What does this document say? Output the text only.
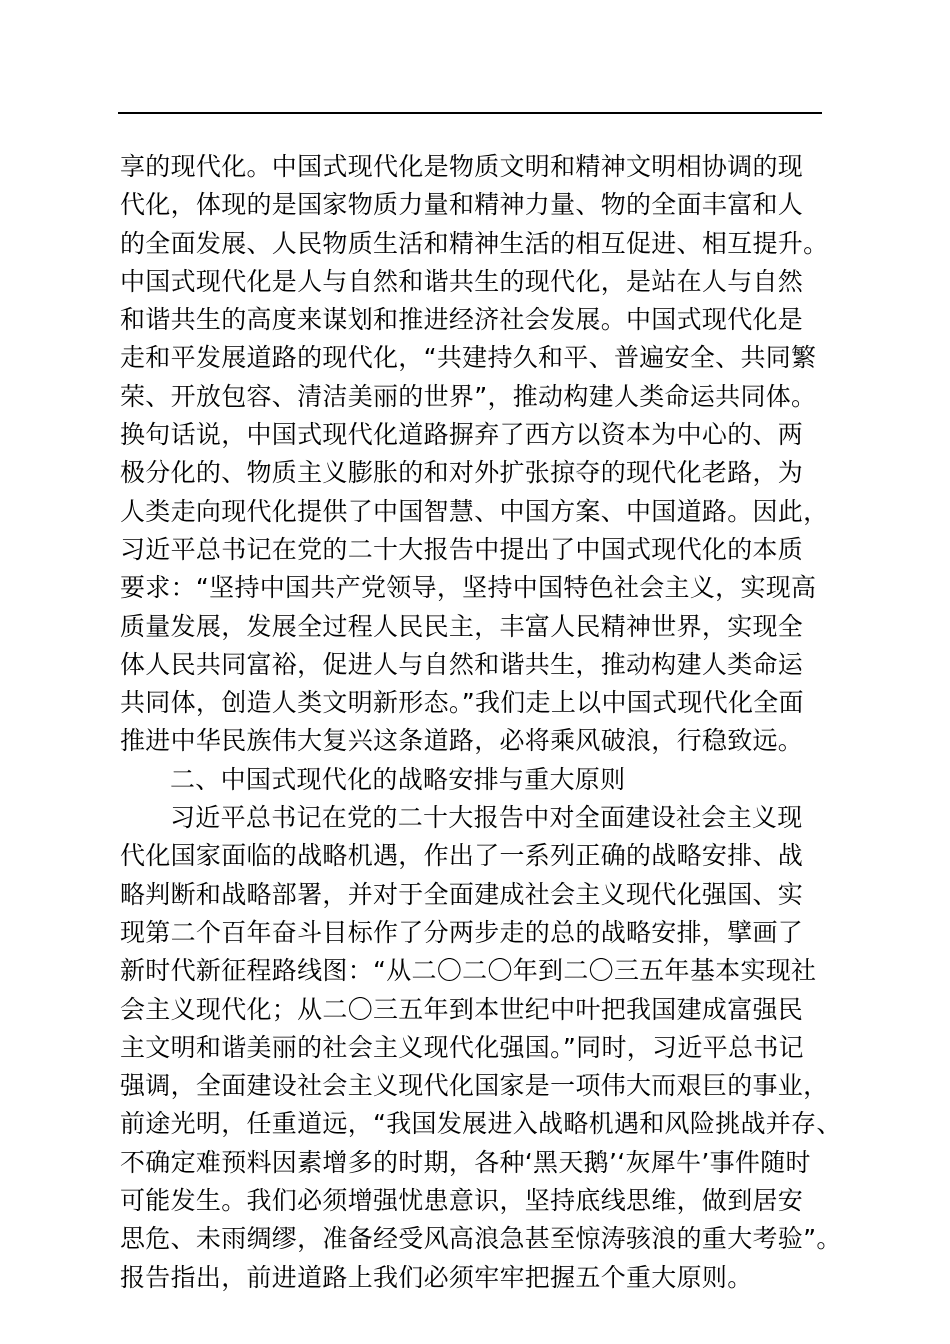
享的现代化。中国式现代化是物质文明和精神文明相协调的现
代化，体现的是国家物质力量和精神力量、物的全面丰富和人
的全面发展、人民物质生活和精神生活的相互促进、相互提升。
中国式现代化是人与自然和谐共生的现代化，是站在人与自然
和谐共生的高度来谋划和推进经济社会发展。中国式现代化是
走和平发展道路的现代化，“共建持久和平、普遍安全、共同繁
荣、开放包容、清洁美丽的世界”，推动构建人类命运共同体。
换句话说，中国式现代化道路摒弃了西方以资本为中心的、两
极分化的、物质主义膨胀的和对外扩张掠夺的现代化老路，为
人类走向现代化提供了中国智慧、中国方案、中国道路。因此，
习近平总书记在党的二十大报告中提出了中国式现代化的本质
要求：“坚持中国共产党领导，坚持中国特色社会主义，实现高
质量发展，发展全过程人民民主，丰富人民精神世界，实现全
体人民共同富裕，促进人与自然和谐共生，推动构建人类命运
共同体，创造人类文明新形态。”我们走上以中国式现代化全面
推进中华民族伟大复兴这条道路，必将乘风破浪，行稳致远。
二、中国式现代化的战略安排与重大原则
习近平总书记在党的二十大报告中对全面建设社会主义现
代化国家面临的战略机遇，作出了一系列正确的战略安排、战
略判断和战略部署，并对于全面建成社会主义现代化强国、实
现第二个百年奋斗目标作了分两步走的总的战略安排，擘画了
新时代新征程路线图：“从二〇二〇年到二〇三五年基本实现社
会主义现代化；从二〇三五年到本世纪中叶把我国建成富强民
主文明和谐美丽的社会主义现代化强国。”同时，习近平总书记
强调，全面建设社会主义现代化国家是一项伟大而艰巨的事业，
前途光明，任重道远，“我国发展进入战略机遇和风险挑战并存、
不确定难预料因素增多的时期，各种‘黑天鹅’‘灰犀牛’事件随时
可能发生。我们必须增强忧患意识，坚持底线思维，做到居安
思危、未雨绸缪，准备经受风高浪急甚至惊涛骇浪的重大考验”。
报告指出，前进道路上我们必须牢牢把握五个重大原则。
